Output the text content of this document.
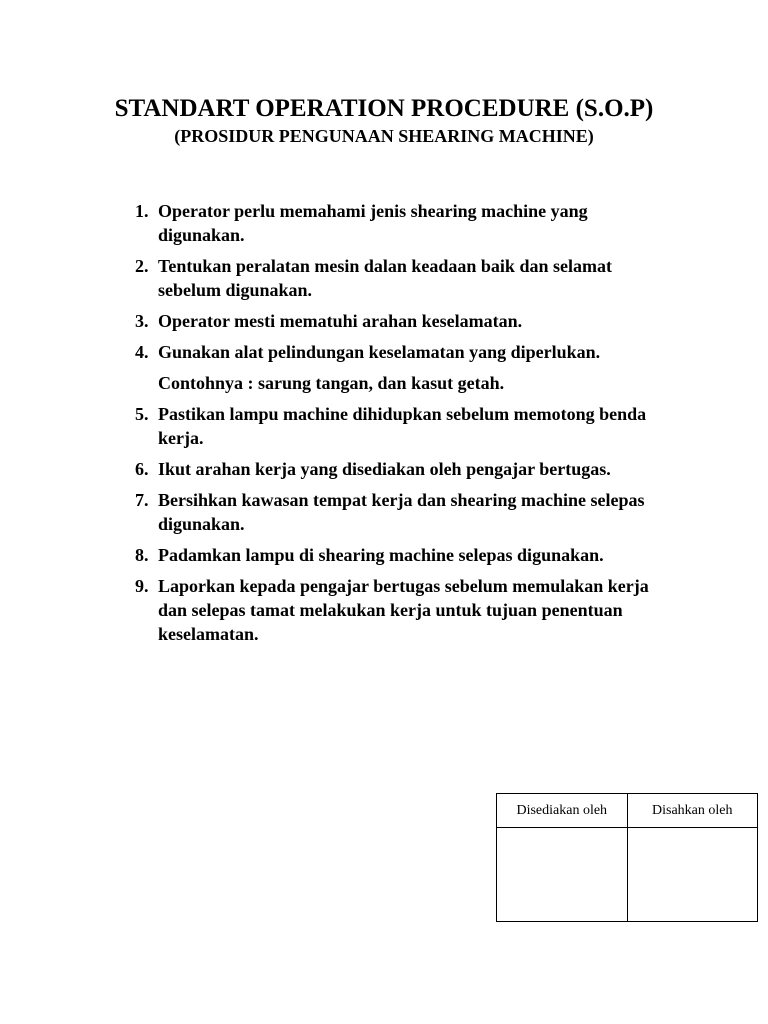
STANDART OPERATION PROCEDURE (S.O.P)
(PROSIDUR PENGUNAAN SHEARING MACHINE)
1. Operator perlu memahami jenis shearing machine yang digunakan.
2. Tentukan peralatan mesin dalan keadaan baik dan selamat sebelum digunakan.
3. Operator mesti mematuhi arahan keselamatan.
4. Gunakan alat pelindungan keselamatan yang diperlukan.
Contohnya : sarung tangan, dan kasut getah.
5. Pastikan lampu machine dihidupkan sebelum memotong benda kerja.
6. Ikut arahan kerja yang disediakan oleh pengajar bertugas.
7. Bersihkan kawasan tempat kerja dan shearing machine selepas digunakan.
8. Padamkan lampu di shearing machine selepas digunakan.
9. Laporkan kepada pengajar bertugas sebelum memulakan kerja dan selepas tamat melakukan kerja untuk tujuan penentuan keselamatan.
Disediakan oleh	Disahkan oleh
